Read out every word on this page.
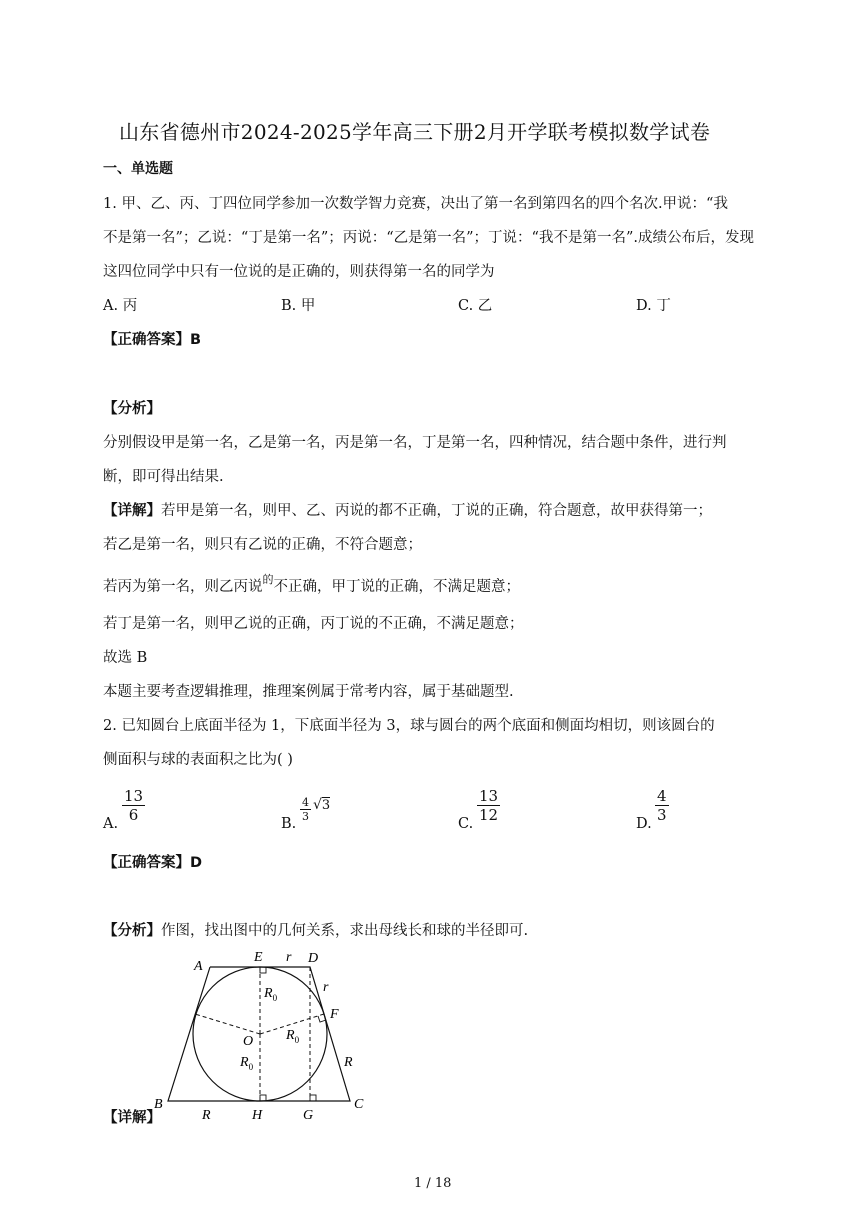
山东省德州市2024-2025学年高三下册2月开学联考模拟数学试卷
一、单选题
1. 甲、乙、丙、丁四位同学参加一次数学智力竞赛，决出了第一名到第四名的四个名次.甲说：“我
不是第一名”；乙说：“丁是第一名”；丙说：“乙是第一名”；丁说：“我不是第一名”.成绩公布后，发现
这四位同学中只有一位说的是正确的，则获得第一名的同学为
A. 丙	B. 甲	C. 乙	D. 丁
【正确答案】B
【分析】
分别假设甲是第一名，乙是第一名，丙是第一名，丁是第一名，四种情况，结合题中条件，进行判
断，即可得出结果.
【详解】若甲是第一名，则甲、乙、丙说的都不正确，丁说的正确，符合题意，故甲获得第一；
若乙是第一名，则只有乙说的正确，不符合题意；
若丙为第一名，则乙丙说$^的$不正确，甲丁说的正确，不满足题意；
若丁是第一名，则甲乙说的正确，丙丁说的不正确，不满足题意；
故选 B
本题主要考查逻辑推理，推理案例属于常考内容，属于基础题型.
2. 已知圆台上底面半径为 1，下底面半径为 3，球与圆台的两个底面和侧面均相切，则该圆台的
侧面积与球的表面积之比为( )
A. $\frac{13}{6}$	B.
$\frac{4}{3} √3$
C. $\frac{13}{12}$	D. $\frac{4}{3}$
【正确答案】D
【分析】作图，找出图中的几何关系，求出母线长和球的半径即可.
【详解】
A
E r D
r
F
O
R
B
R	H	G
C
$R_0$
$R_0$
$R_0$
1 / 18
